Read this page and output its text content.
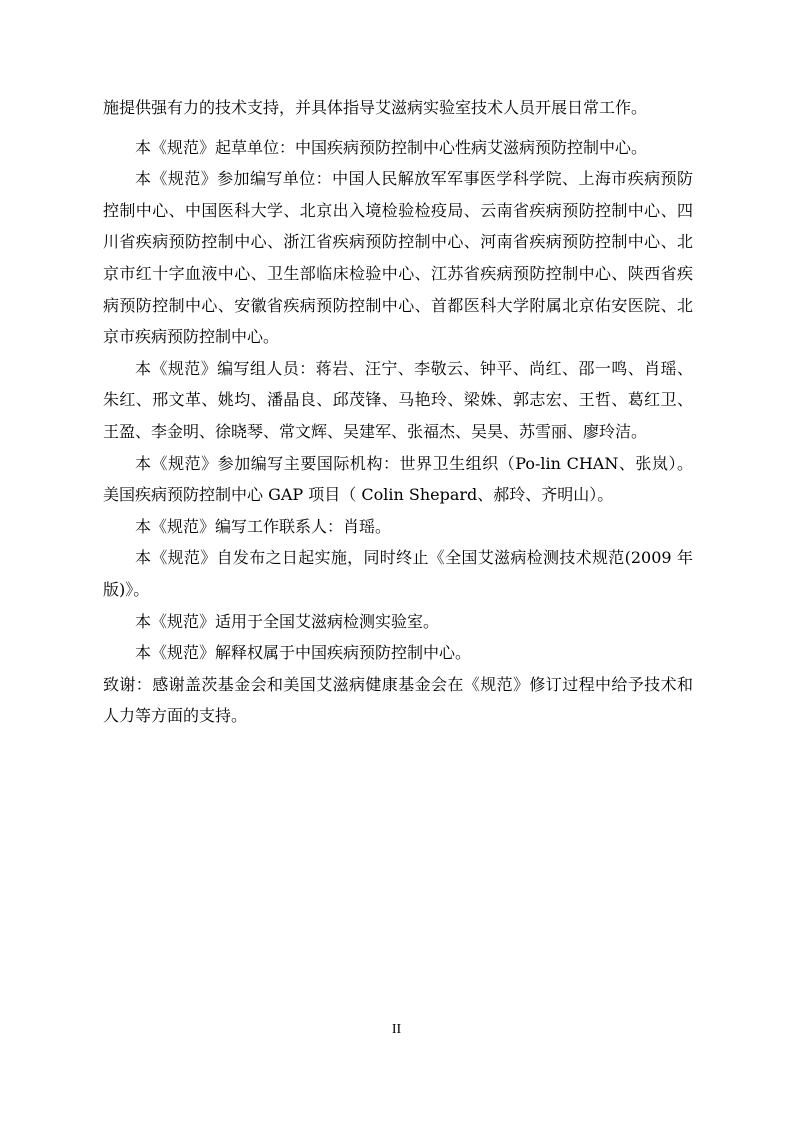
施提供强有力的技术支持，并具体指导艾滋病实验室技术人员开展日常工作。

本《规范》起草单位：中国疾病预防控制中心性病艾滋病预防控制中心。

本《规范》参加编写单位：中国人民解放军军事医学科学院、上海市疾病预防控制中心、中国医科大学、北京出入境检验检疫局、云南省疾病预防控制中心、四川省疾病预防控制中心、浙江省疾病预防控制中心、河南省疾病预防控制中心、北京市红十字血液中心、卫生部临床检验中心、江苏省疾病预防控制中心、陕西省疾病预防控制中心、安徽省疾病预防控制中心、首都医科大学附属北京佑安医院、北京市疾病预防控制中心。

本《规范》编写组人员：蒋岩、汪宁、李敬云、钟平、尚红、邵一鸣、肖瑶、朱红、邢文革、姚均、潘晶良、邱茂锋、马艳玲、梁姝、郭志宏、王哲、葛红卫、王盈、李金明、徐晓琴、常文辉、吴建军、张福杰、吴昊、苏雪丽、廖玲洁。

本《规范》参加编写主要国际机构：世界卫生组织（Po-lin CHAN、张岚）。美国疾病预防控制中心 GAP 项目（ Colin Shepard、郝玲、齐明山）。

本《规范》编写工作联系人：肖瑶。

本《规范》自发布之日起实施，同时终止《全国艾滋病检测技术规范(2009 年版)》。

本《规范》适用于全国艾滋病检测实验室。

本《规范》解释权属于中国疾病预防控制中心。

致谢：感谢盖茨基金会和美国艾滋病健康基金会在《规范》修订过程中给予技术和人力等方面的支持。

II
